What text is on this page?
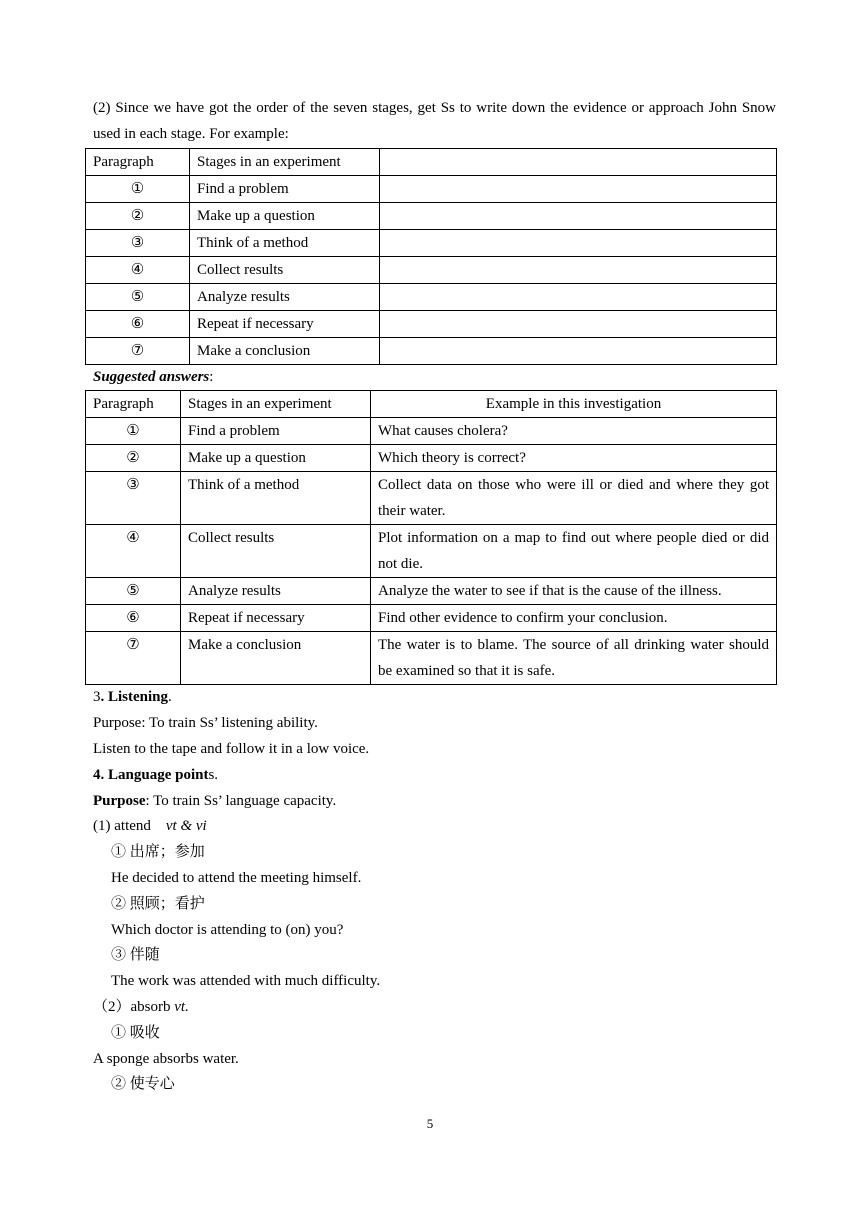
(2) Since we have got the order of the seven stages, get Ss to write down the evidence or approach John Snow used in each stage. For example:

Paragraph	Stages in an experiment	
①	Find a problem	
②	Make up a question	
③	Think of a method	
④	Collect results	
⑤	Analyze results	
⑥	Repeat if necessary	
⑦	Make a conclusion	

Suggested answers:

Paragraph	Stages in an experiment	Example in this investigation
①	Find a problem	What causes cholera?
②	Make up a question	Which theory is correct?
③	Think of a method	Collect data on those who were ill or died and where they got their water.
④	Collect results	Plot information on a map to find out where people died or did not die.
⑤	Analyze results	Analyze the water to see if that is the cause of the illness.
⑥	Repeat if necessary	Find other evidence to confirm your conclusion.
⑦	Make a conclusion	The water is to blame. The source of all drinking water should be examined so that it is safe.

3. Listening.

Purpose: To train Ss’ listening ability.

Listen to the tape and follow it in a low voice.

4. Language points.

Purpose: To train Ss’ language capacity.

(1) attend vt & vi

① 出席；参加

He decided to attend the meeting himself.

② 照顾；看护

Which doctor is attending to (on) you?

③ 伴随

The work was attended with much difficulty.

（2）absorb vt.

① 吸收

A sponge absorbs water.

② 使专心

5
